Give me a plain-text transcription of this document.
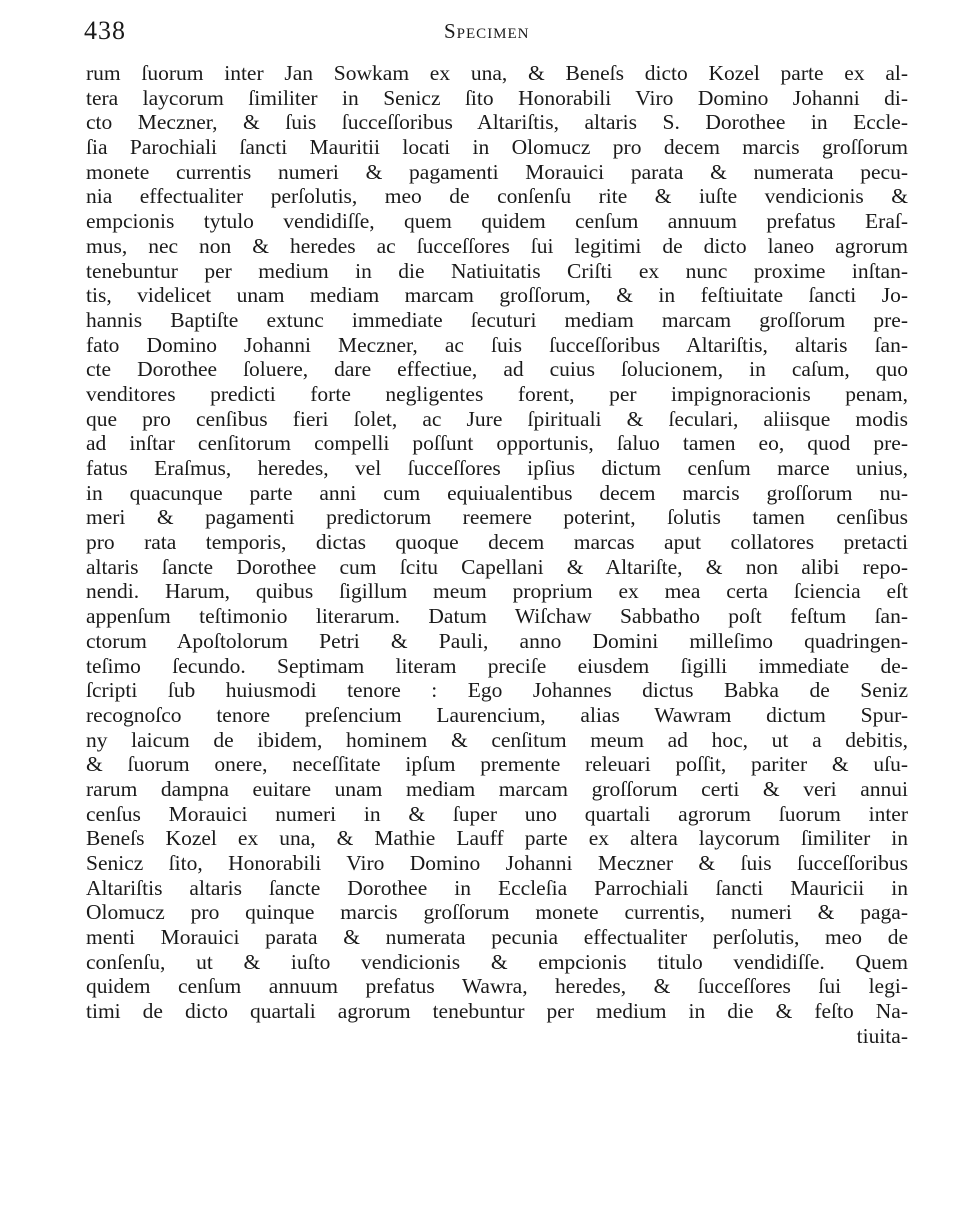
438	Specimen
rum ſuorum inter Jan Sowkam ex una, & Beneſs dicto Kozel parte ex al-
tera laycorum ſimiliter in Senicz ſito Honorabili Viro Domino Johanni di-
cto Meczner, & ſuis ſucceſſoribus Altariſtis, altaris S. Dorothee in Eccle-
ſia Parochiali ſancti Mauritii locati in Olomucz pro decem marcis groſſorum
monete currentis numeri & pagamenti Morauici parata & numerata pecu-
nia effectualiter perſolutis, meo de conſenſu rite & iuſte vendicionis &
empcionis tytulo vendidiſſe, quem quidem cenſum annuum prefatus Eraſ-
mus, nec non & heredes ac ſucceſſores ſui legitimi de dicto laneo agrorum
tenebuntur per medium in die Natiuitatis Criſti ex nunc proxime inſtan-
tis, videlicet unam mediam marcam groſſorum, & in feſtiuitate ſancti Jo-
hannis Baptiſte extunc immediate ſecuturi mediam marcam groſſorum pre-
fato Domino Johanni Meczner, ac ſuis ſucceſſoribus Altariſtis, altaris ſan-
cte Dorothee ſoluere, dare effectiue, ad cuius ſolucionem, in caſum, quo
venditores predicti forte negligentes forent, per impignoracionis penam,
que pro cenſibus fieri ſolet, ac Jure ſpirituali & ſeculari, aliisque modis
ad inſtar cenſitorum compelli poſſunt opportunis, ſaluo tamen eo, quod pre-
fatus Eraſmus, heredes, vel ſucceſſores ipſius dictum cenſum marce unius,
in quacunque parte anni cum equiualentibus decem marcis groſſorum nu-
meri & pagamenti predictorum reemere poterint, ſolutis tamen cenſibus
pro rata temporis, dictas quoque decem marcas aput collatores pretacti
altaris ſancte Dorothee cum ſcitu Capellani & Altariſte, & non alibi repo-
nendi. Harum, quibus ſigillum meum proprium ex mea certa ſciencia eſt
appenſum teſtimonio literarum. Datum Wiſchaw Sabbatho poſt feſtum ſan-
ctorum Apoſtolorum Petri & Pauli, anno Domini milleſimo quadringen-
teſimo ſecundo. Septimam literam preciſe eiusdem ſigilli immediate de-
ſcripti ſub huiusmodi tenore : Ego Johannes dictus Babka de Seniz
recognoſco tenore preſencium Laurencium, alias Wawram dictum Spur-
ny laicum de ibidem, hominem & cenſitum meum ad hoc, ut a debitis,
& ſuorum onere, neceſſitate ipſum premente releuari poſſit, pariter & uſu-
rarum dampna euitare unam mediam marcam groſſorum certi & veri annui
cenſus Morauici numeri in & ſuper uno quartali agrorum ſuorum inter
Beneſs Kozel ex una, & Mathie Lauff parte ex altera laycorum ſimiliter in
Senicz ſito, Honorabili Viro Domino Johanni Meczner & ſuis ſucceſſoribus
Altariſtis altaris ſancte Dorothee in Eccleſia Parrochiali ſancti Mauricii in
Olomucz pro quinque marcis groſſorum monete currentis, numeri & paga-
menti Morauici parata & numerata pecunia effectualiter perſolutis, meo de
conſenſu, ut & iuſto vendicionis & empcionis titulo vendidiſſe. Quem
quidem cenſum annuum prefatus Wawra, heredes, & ſucceſſores ſui legi-
timi de dicto quartali agrorum tenebuntur per medium in die & feſto Na-
tiuita-
